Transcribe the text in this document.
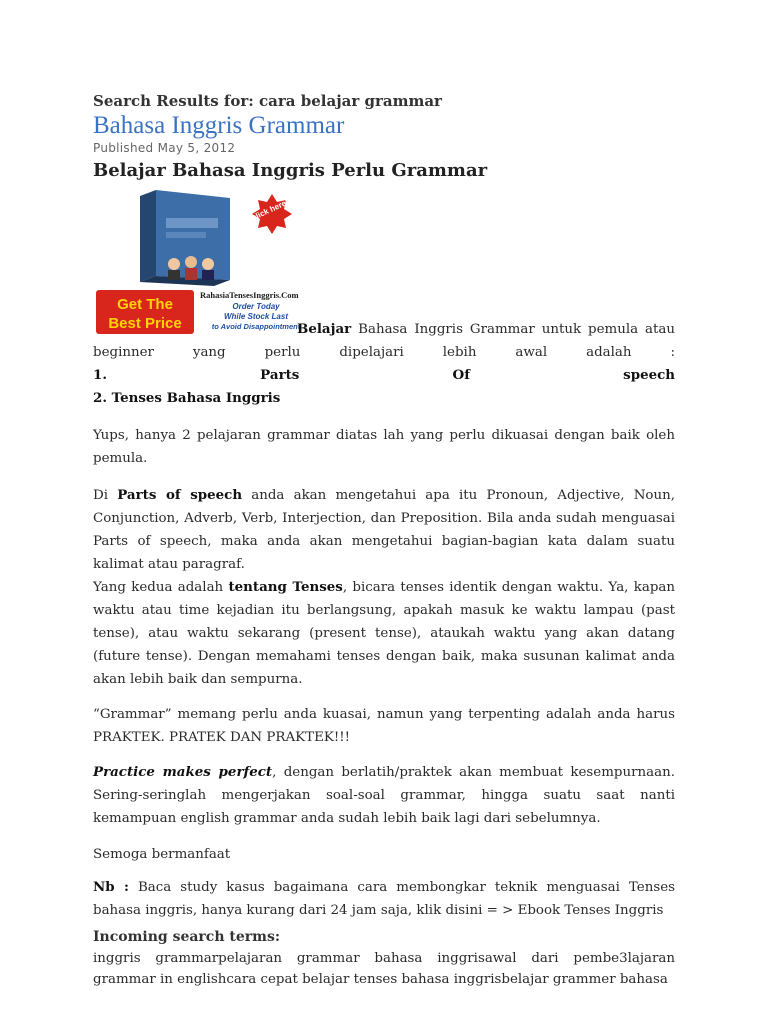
Search Results for: cara belajar grammar
Bahasa Inggris Grammar
Published May 5, 2012
Belajar Bahasa Inggris Perlu Grammar
click here!
RahasiaTensesInggris.Com
Get The
Best Price
Order Today
While Stock Last
to Avoid Disappointment
Belajar Bahasa Inggris Grammar untuk pemula atau
beginner yang perlu dipelajari lebih awal adalah :
1. Parts Of speech
2. Tenses Bahasa Inggris
Yups, hanya 2 pelajaran grammar diatas lah yang perlu dikuasai dengan baik oleh pemula.
Di Parts of speech anda akan mengetahui apa itu Pronoun, Adjective, Noun, Conjunction, Adverb, Verb, Interjection, dan Preposition. Bila anda sudah menguasai Parts of speech, maka anda akan mengetahui bagian-bagian kata dalam suatu kalimat atau paragraf.
Yang kedua adalah tentang Tenses, bicara tenses identik dengan waktu. Ya, kapan waktu atau time kejadian itu berlangsung, apakah masuk ke waktu lampau (past tense), atau waktu sekarang (present tense), ataukah waktu yang akan datang (future tense). Dengan memahami tenses dengan baik, maka susunan kalimat anda akan lebih baik dan sempurna.
“Grammar” memang perlu anda kuasai, namun yang terpenting adalah anda harus PRAKTEK. PRATEK DAN PRAKTEK!!!
Practice makes perfect, dengan berlatih/praktek akan membuat kesempurnaan. Sering-seringlah mengerjakan soal-soal grammar, hingga suatu saat nanti kemampuan english grammar anda sudah lebih baik lagi dari sebelumnya.
Semoga bermanfaat
Nb : Baca study kasus bagaimana cara membongkar teknik menguasai Tenses bahasa inggris, hanya kurang dari 24 jam saja, klik disini = > Ebook Tenses Inggris
Incoming search terms:
inggris grammarpelajaran grammar bahasa inggrisawal dari pembe3lajaran grammar in englishcara cepat belajar tenses bahasa inggrisbelajar grammer bahasa
